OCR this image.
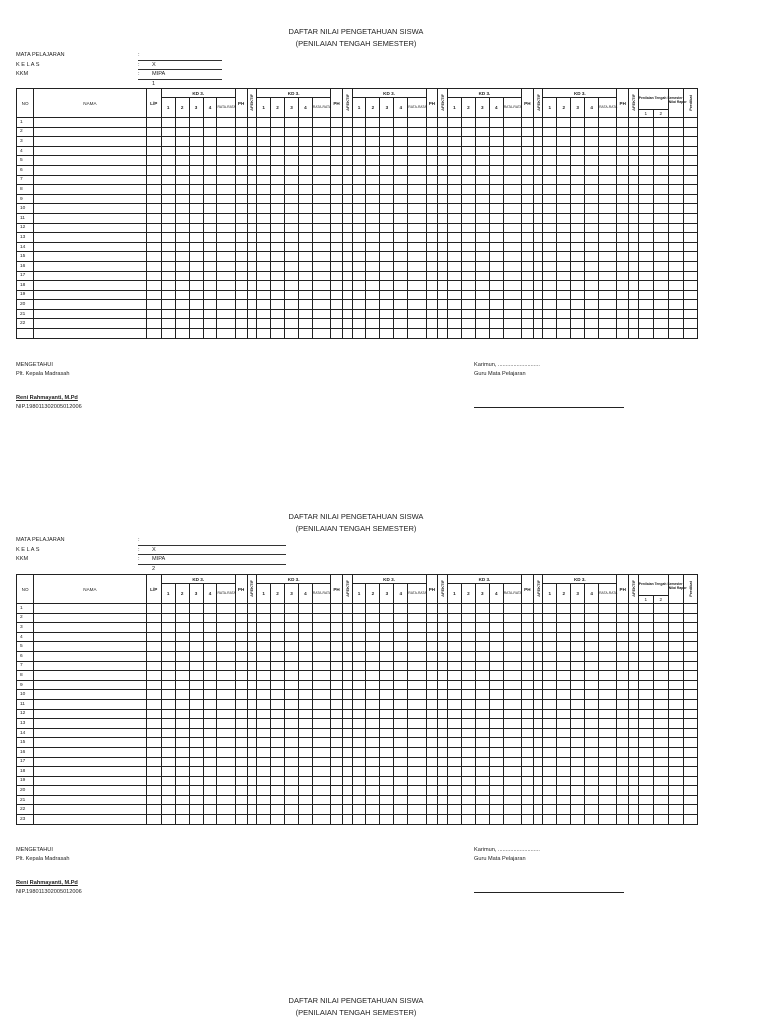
DAFTAR NILAI PENGETAHUAN SISWA
(PENILAIAN TENGAH SEMESTER)
MATA PELAJARAN	:
K E L A S	: X MIPA 1
KKM	:
NO	NAMA	L/P	KD 3.					PH	AFEKTIF	KD 3.					PH	AFEKTIF	KD 3.					PH	AFEKTIF	KD 3.					PH	AFEKTIF	KD 3.					PH	AFEKTIF	Penilaian Tengah Semester		Nilai Rapor	Predikat
			1	2	3	4	RATA-RATA			1	2	3	4	RATA-RATA			1	2	3	4	RATA-RATA			1	2	3	4	RATA-RATA			1	2	3	4	RATA-RATA						

																																						1	2		
1																																									
2																																									
3																																									
4																																									
5																																									
6																																									
7																																									
8																																									
9																																									
10																																									
11																																									
12																																									
13																																									
14																																									
15																																									
16																																									
17																																									
18																																									
19																																									
20																																									
21																																									
22																																									

MENGETAHUI
Plt. Kepala Madrasah
Reni Rahmayanti, M.Pd
NIP.198011302005012006
Karimun, ...........................
Guru Mata Pelajaran
DAFTAR NILAI PENGETAHUAN SISWA
(PENILAIAN TENGAH SEMESTER)
MATA PELAJARAN	:
K E L A S	: X MIPA 2
KKM	:
NO	NAMA	L/P	KD 3.					PH	AFEKTIF	KD 3.					PH	AFEKTIF	KD 3.					PH	AFEKTIF	KD 3.					PH	AFEKTIF	KD 3.					PH	AFEKTIF	Penilaian Tengah Semester		Nilai Rapor	Predikat
			1	2	3	4	RATA-RATA			1	2	3	4	RATA-RATA			1	2	3	4	RATA-RATA			1	2	3	4	RATA-RATA			1	2	3	4	RATA-RATA						

																																						1	2		
1																																									
2																																									
3																																									
4																																									
5																																									
6																																									
7																																									
8																																									
9																																									
10																																									
11																																									
12																																									
13																																									
14																																									
15																																									
16																																									
17																																									
18																																									
19																																									
20																																									
21																																									
22																																									
23																																									
MENGETAHUI
Plt. Kepala Madrasah
Reni Rahmayanti, M.Pd
NIP.198011302005012006
Karimun, ...........................
Guru Mata Pelajaran
DAFTAR NILAI PENGETAHUAN SISWA
(PENILAIAN TENGAH SEMESTER)
